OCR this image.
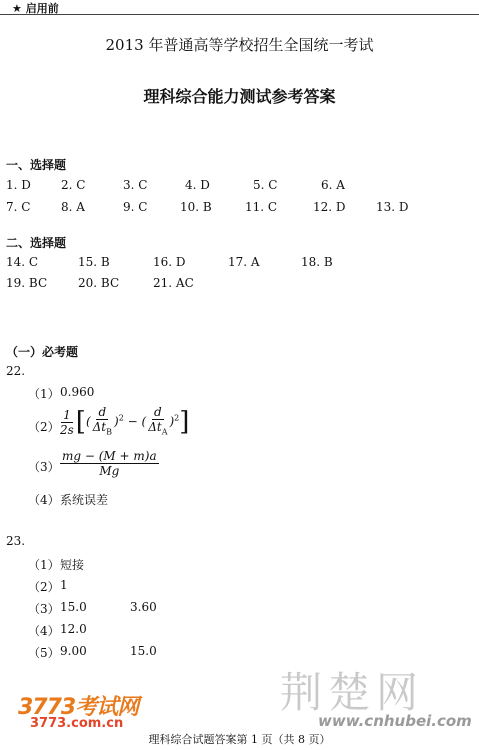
★ 启用前
2013 年普通高等学校招生全国统一考试
理科综合能力测试参考答案
一、选择题
1. D	2. C	3. C	4. D	5. C	6. A
7. C	8. A	9. C	10. B	11. C	12. D	13. D
二、选择题
14. C	15. B	16. D	17. A	18. B
19. BC	20. BC	21. AC
（一）必考题
22.
（1） 0.960
（2）
$\frac{1}{2s}$ [( $\frac{d}{\Delta t_B} )^2$ − ( $\frac{d}{\Delta t_A} )^2$]
$(3) \frac{mg - (M + m)a}{Mg}$
（4） 系统误差
23.
（1） 短接
（2） 1
（3） 15.0	3.60
（4） 12.0
（5） 9.00	15.0
荆楚网
3773考试网
3773.com.cn	www.cnhubei.com
理科综合试题答案第 1 页（共 8 页）
